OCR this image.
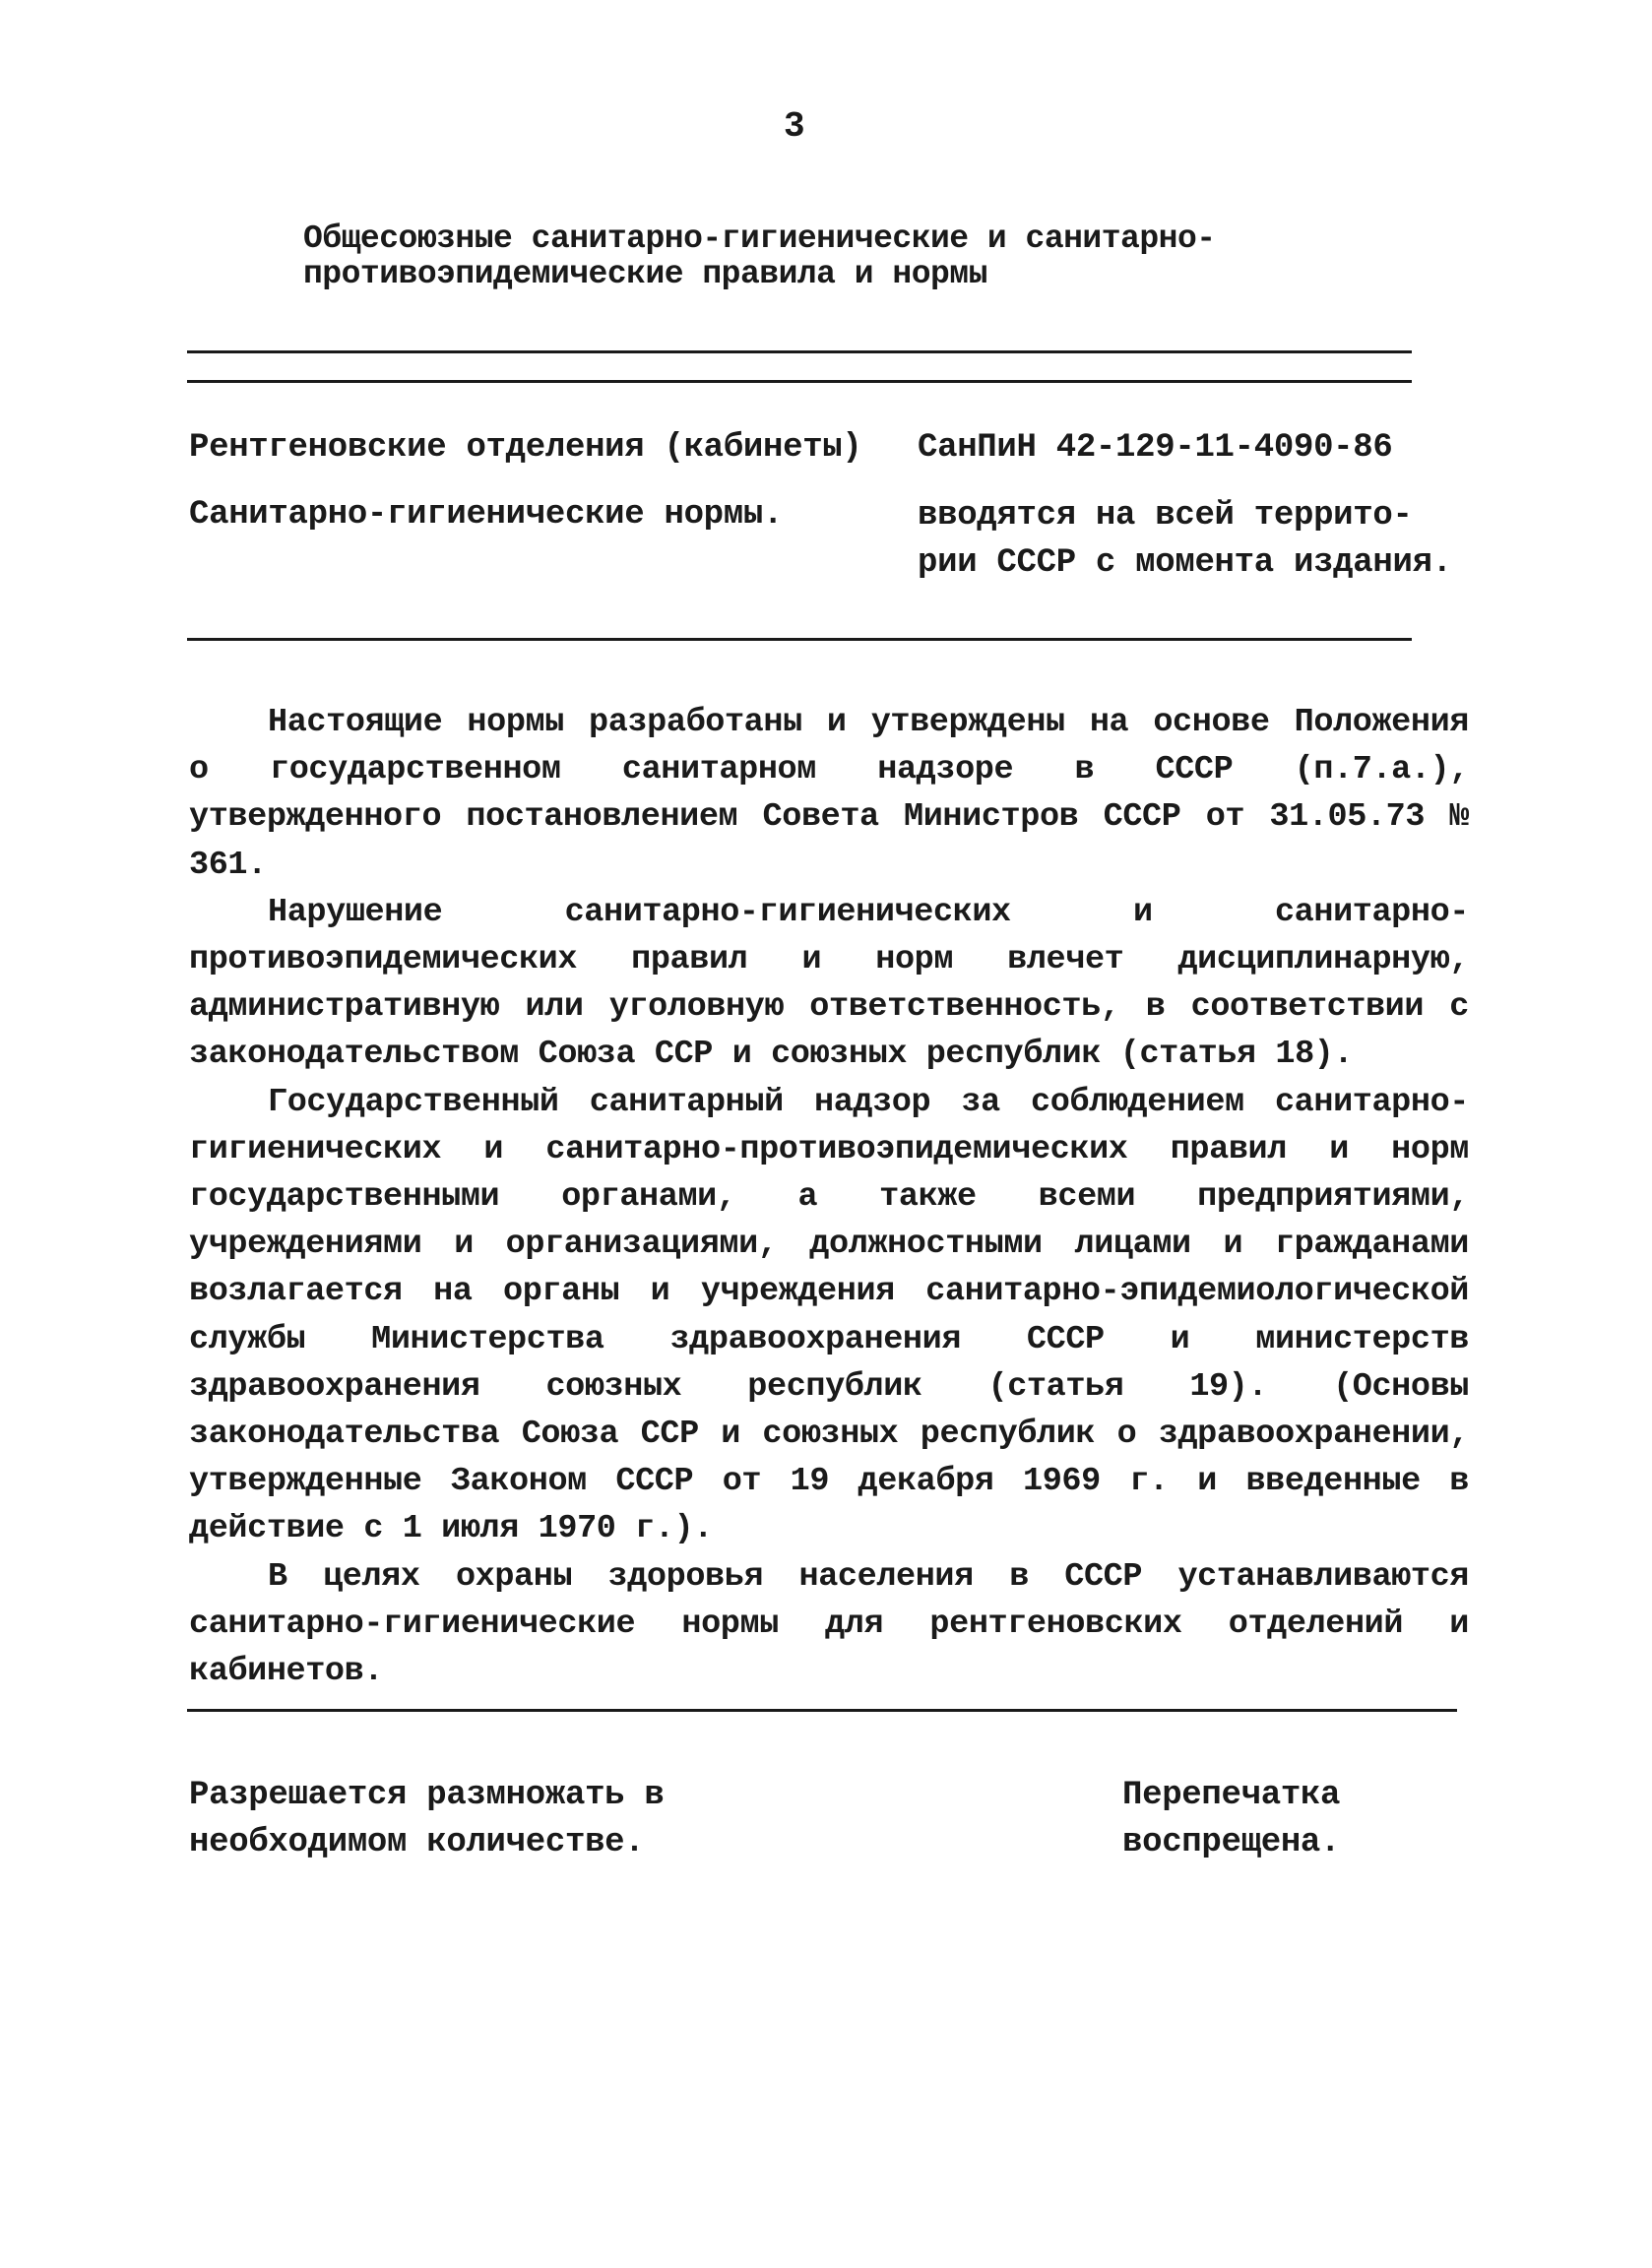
3
Общесоюзные санитарно-гигиенические и санитарно-
противоэпидемические правила и нормы
Рентгеновские отделения (кабинеты) СанПиН 42-129-11-4090-86
Санитарно-гигиенические нормы.	вводятся на всей террито-
рии СССР с момента издания.

Настоящие нормы разработаны и утверждены на основе Положения о государственном санитарном надзоре в СССР (п.7.а.), утвержденного постановлением Совета Министров СССР от 31.05.73 № 361.

Нарушение санитарно-гигиенических и санитарно-противоэпидемических правил и норм влечет дисциплинарную, административную или уголовную ответственность, в соответствии с законодательством Союза ССР и союзных республик (статья 18).

Государственный санитарный надзор за соблюдением санитарно-гигиенических и санитарно-противоэпидемических правил и норм государственными органами, а также всеми предприятиями, учреждениями и организациями, должностными лицами и гражданами возлагается на органы и учреждения санитарно-эпидемиологической службы Министерства здравоохранения СССР и министерств здравоохранения союзных республик (статья 19). (Основы законодательства Союза ССР и союзных республик о здравоохранении, утвержденные Законом СССР от 19 декабря 1969 г. и введенные в действие с 1 июля 1970 г.).

В целях охраны здоровья населения в СССР устанавливаются санитарно-гигиенические нормы для рентгеновских отделений и кабинетов.

Разрешается размножать в
необходимом количестве.
Перепечатка
воспрещена.
